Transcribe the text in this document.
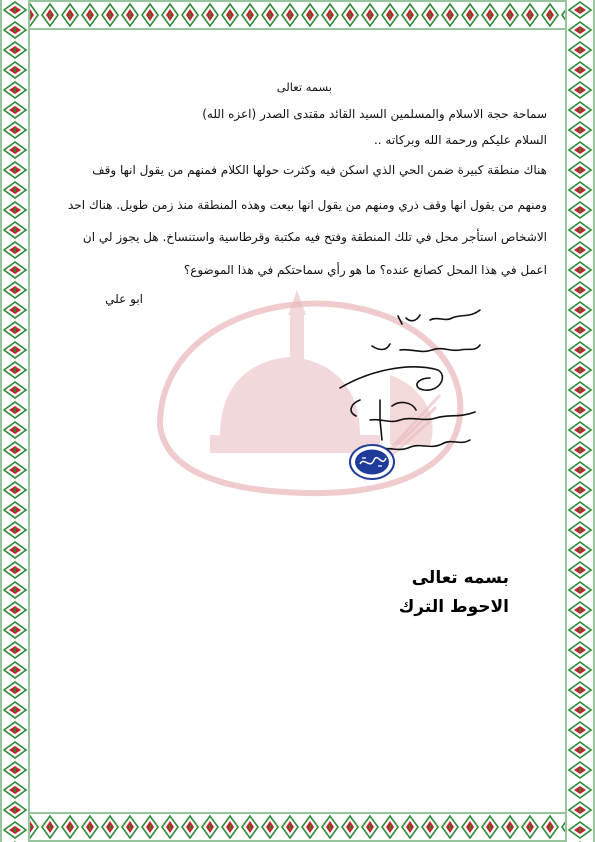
بسمه تعالى
سماحة حجة الاسلام والمسلمين السيد القائد مقتدى الصدر (اعزه الله)
السلام عليكم ورحمة الله وبركاته ..
هناك منطقة كبيرة ضمن الحي الذي اسكن فيه وكثرت حولها الكلام فمنهم من يقول انها وقف
ومنهم من يقول انها وقف ذري ومنهم من يقول انها بيعت وهذه المنطقة منذ زمن طويل. هناك احد
الاشخاص استأجر محل في تلك المنطقة وفتح فيه مكتبة وقرطاسية واستنساخ. هل يجوز لي ان
اعمل في هذا المحل كصانع عنده؟ ما هو رأي سماحتكم في هذا الموضوع؟
ابو علي
بسمه تعالى
الاحوط الترك
